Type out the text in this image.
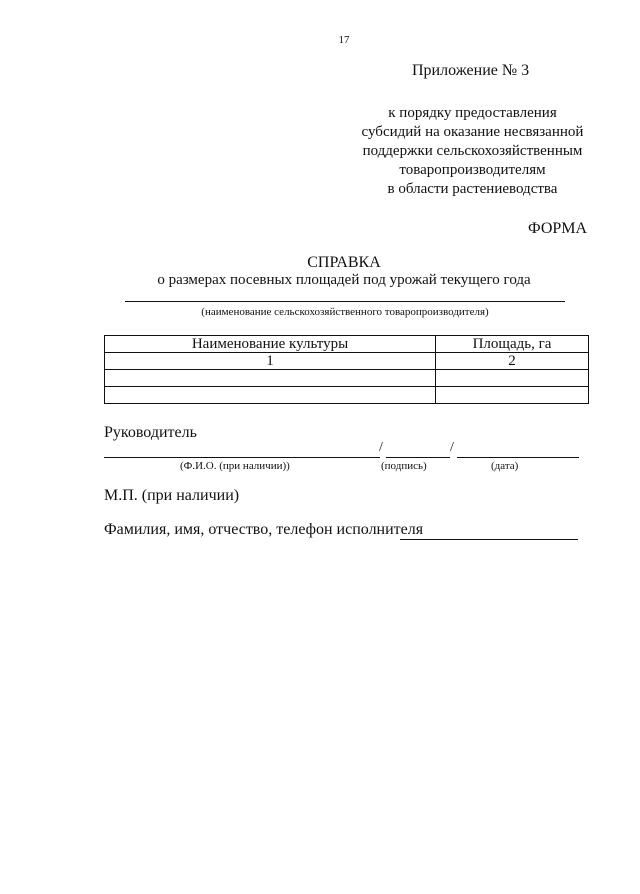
17
Приложение № 3
к порядку предоставления
субсидий на оказание несвязанной
поддержки сельскохозяйственным
товаропроизводителям
в области растениеводства
ФОРМА
СПРАВКА
о размерах посевных площадей под урожай текущего года
(наименование сельскохозяйственного товаропроизводителя)
Наименование культуры	Площадь, га
1	2

Руководитель
/	/
(Ф.И.О. (при наличии))	(подпись)	(дата)
М.П. (при наличии)
Фамилия, имя, отчество, телефон исполнителя
